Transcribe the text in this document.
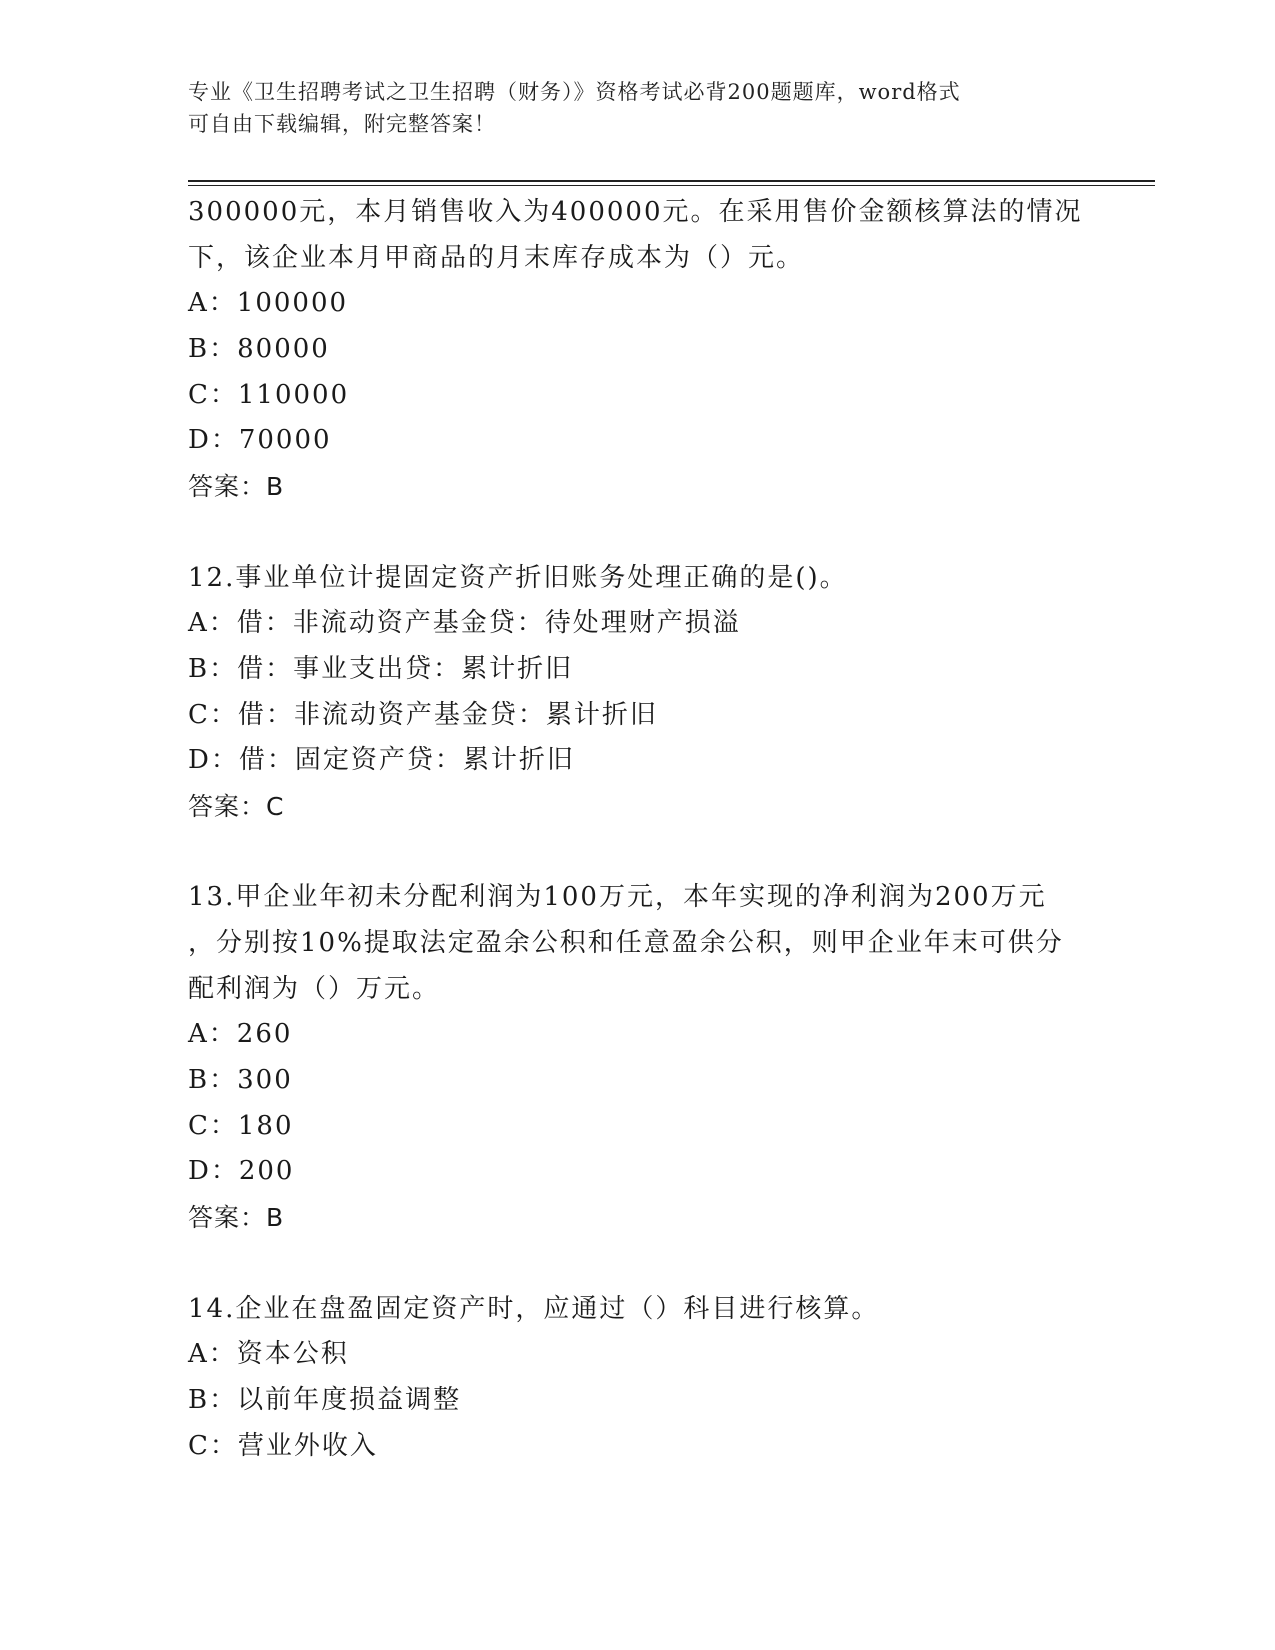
专业《卫生招聘考试之卫生招聘（财务）》资格考试必背200题题库，word格式
可自由下载编辑，附完整答案！
300000元，本月销售收入为400000元。在采用售价金额核算法的情况
下，该企业本月甲商品的月末库存成本为（）元。
A：100000
B：80000
C：110000
D：70000
答案：B
12.事业单位计提固定资产折旧账务处理正确的是()。
A：借：非流动资产基金贷：待处理财产损溢
B：借：事业支出贷：累计折旧
C：借：非流动资产基金贷：累计折旧
D：借：固定资产贷：累计折旧
答案：C
13.甲企业年初未分配利润为100万元，本年实现的净利润为200万元
，分别按10%提取法定盈余公积和任意盈余公积，则甲企业年末可供分
配利润为（）万元。
A：260
B：300
C：180
D：200
答案：B
14.企业在盘盈固定资产时，应通过（）科目进行核算。
A：资本公积
B：以前年度损益调整
C：营业外收入
